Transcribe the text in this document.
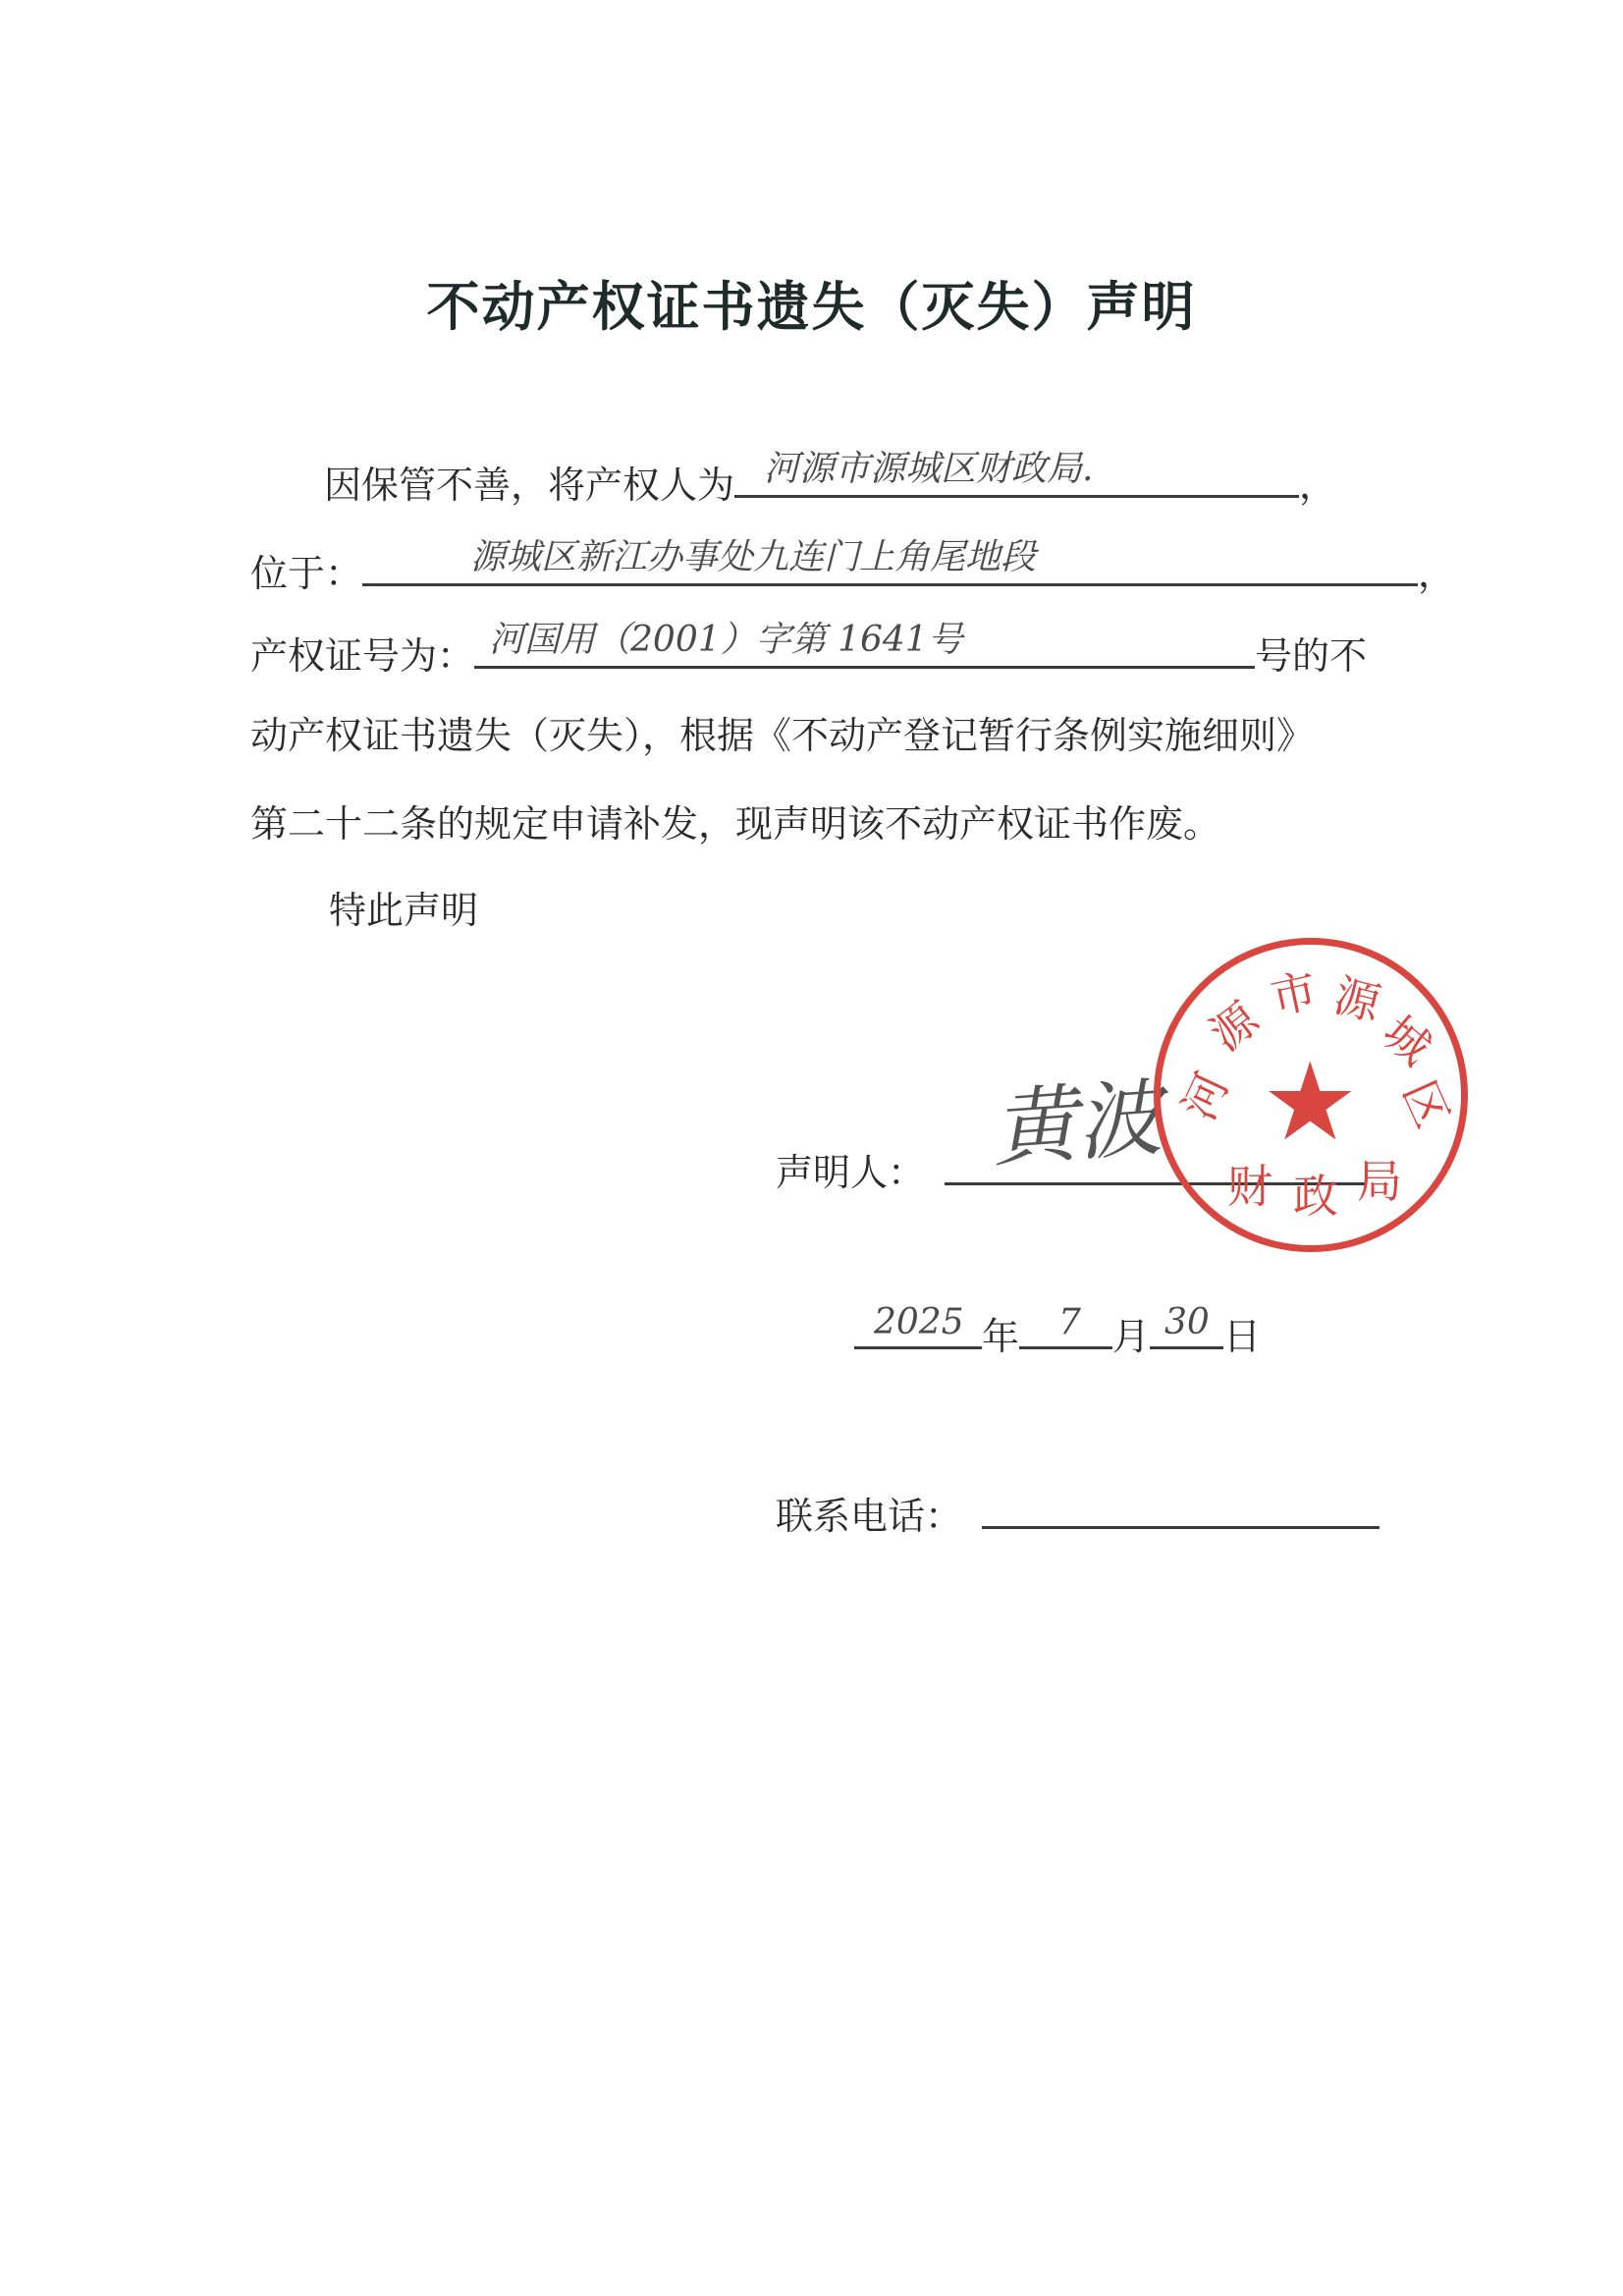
不动产权证书遗失（灭失）声明
因保管不善，将产权人为 河源市源城区财政局.	，
位于：	源城区新江办事处九连门上角尾地段	，
产权证号为： 河国用（2001）字第 1641号	号的不
动产权证书遗失（灭失），根据《不动产登记暂行条例实施细则》
第二十二条的规定申请补发，现声明该不动产权证书作废。
特此声明
声明人： 黄波 河
源
市 源
城
区
★
财 政 局
2025 年 7 月 30 日
联系电话：
